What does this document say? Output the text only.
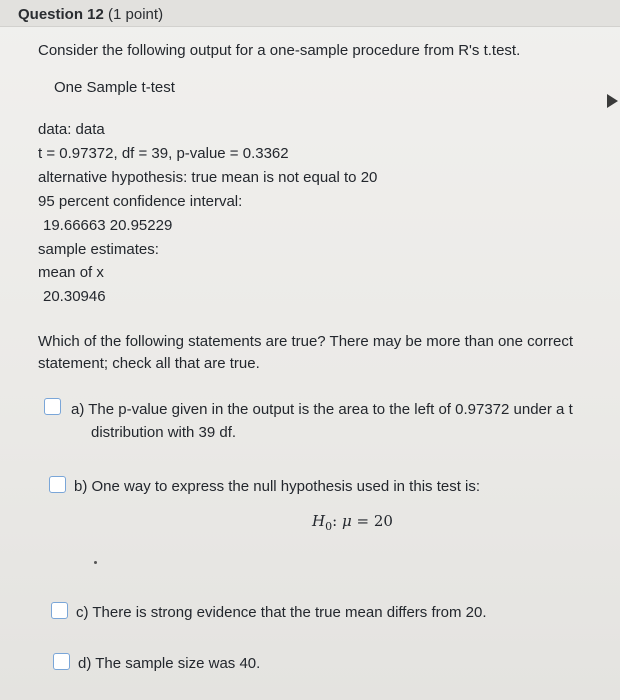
Question 12 (1 point)
Consider the following output for a one-sample procedure from R's t.test.
One Sample t-test
data: data
t = 0.97372, df = 39, p-value = 0.3362
alternative hypothesis: true mean is not equal to 20
95 percent confidence interval:
19.66663 20.95229
sample estimates:
mean of x
20.30946
Which of the following statements are true? There may be more than one correct statement; check all that are true.
a) The p-value given in the output is the area to the left of 0.97372 under a t distribution with 39 df.
b) One way to express the null hypothesis used in this test is:
$H_0$: μ = 20
c) There is strong evidence that the true mean differs from 20.
d) The sample size was 40.
